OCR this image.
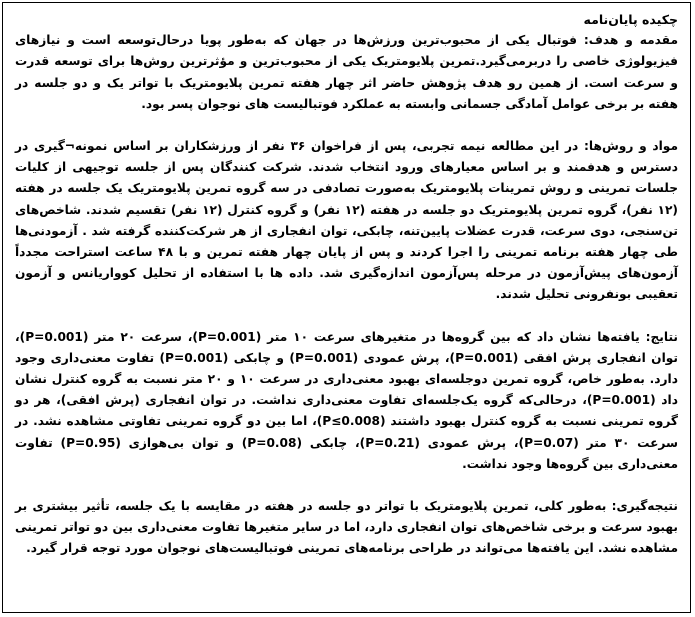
چکیده پایان‌نامه

مقدمه و هدف: فوتبال یکی از محبوب‌ترین ورزش‌ها در جهان که به‌طور پویا درحال‌توسعه است و نیازهای فیزیولوژی خاصی را دربرمی‌گیرد.تمرین پلایومتریک یکی از محبوب‌ترین و مؤثرترین روش‌ها برای توسعه قدرت و سرعت است. از همین رو هدف پژوهش حاضر اثر چهار هفته تمرین پلایومتریک با تواتر یک و دو جلسه در هفته بر برخی عوامل آمادگی جسمانی وابسته به عملکرد فوتبالیست های نوجوان پسر بود.

مواد و روش‌ها: در این مطالعه نیمه تجربی، پس از فراخوان ۳۶ نفر از ورزشکاران بر اساس نمونه¬گیری در دسترس و هدفمند و بر اساس معیارهای ورود انتخاب شدند. شرکت کنندگان پس از جلسه توجیهی از کلیات جلسات تمرینی و روش تمرینات پلایومتریک به‌صورت تصادفی در سه گروه تمرین پلایومتریک یک جلسه در هفته (۱۲ نفر)، گروه تمرین پلایومتریک دو جلسه در هفته (۱۲ نفر) و گروه کنترل (۱۲ نفر) تقسیم شدند. شاخص‌های تن‌سنجی، دوی سرعت، قدرت عضلات پایین‌تنه، چابکی، توان انفجاری از هر شرکت‌کننده گرفته شد . آزمودنی‌ها طی چهار هفته برنامه تمرینی را اجرا کردند و پس از پایان چهار هفته تمرین و با ۴۸ ساعت استراحت مجدداً آزمون‌های پیش‌آزمون در مرحله پس‌آزمون اندازه‌گیری شد. داده ها با استفاده از تحلیل کوواریانس و آزمون تعقیبی بونفرونی تحلیل شدند.

نتایج: یافته‌ها نشان داد که بین گروه‌ها در متغیرهای سرعت ۱۰ متر (P=0.001)، سرعت ۲۰ متر (P=0.001)، توان انفجاری پرش افقی (P=0.001)، پرش عمودی (P=0.001) و چابکی (P=0.001) تفاوت معنی‌داری وجود دارد. به‌طور خاص، گروه تمرین دوجلسه‌ای بهبود معنی‌داری در سرعت ۱۰ و ۲۰ متر نسبت به گروه کنترل نشان داد (P=0.001)، درحالی‌که گروه یک‌جلسه‌ای تفاوت معنی‌داری نداشت. در توان انفجاری (پرش افقی)، هر دو گروه تمرینی نسبت به گروه کنترل بهبود داشتند (P≤0.008)، اما بین دو گروه تمرینی تفاوتی مشاهده نشد. در سرعت ۳۰ متر (P=0.07)، پرش عمودی (P=0.21)، چابکی (P=0.08) و توان بی‌هوازی (P=0.95) تفاوت معنی‌داری بین گروه‌ها وجود نداشت.

نتیجه‌گیری: به‌طور کلی، تمرین پلایومتریک با تواتر دو جلسه در هفته در مقایسه با یک جلسه، تأثیر بیشتری بر بهبود سرعت و برخی شاخص‌های توان انفجاری دارد، اما در سایر متغیرها تفاوت معنی‌داری بین دو تواتر تمرینی مشاهده نشد. این یافته‌ها می‌تواند در طراحی برنامه‌های تمرینی فوتبالیست‌های نوجوان مورد توجه قرار گیرد.
